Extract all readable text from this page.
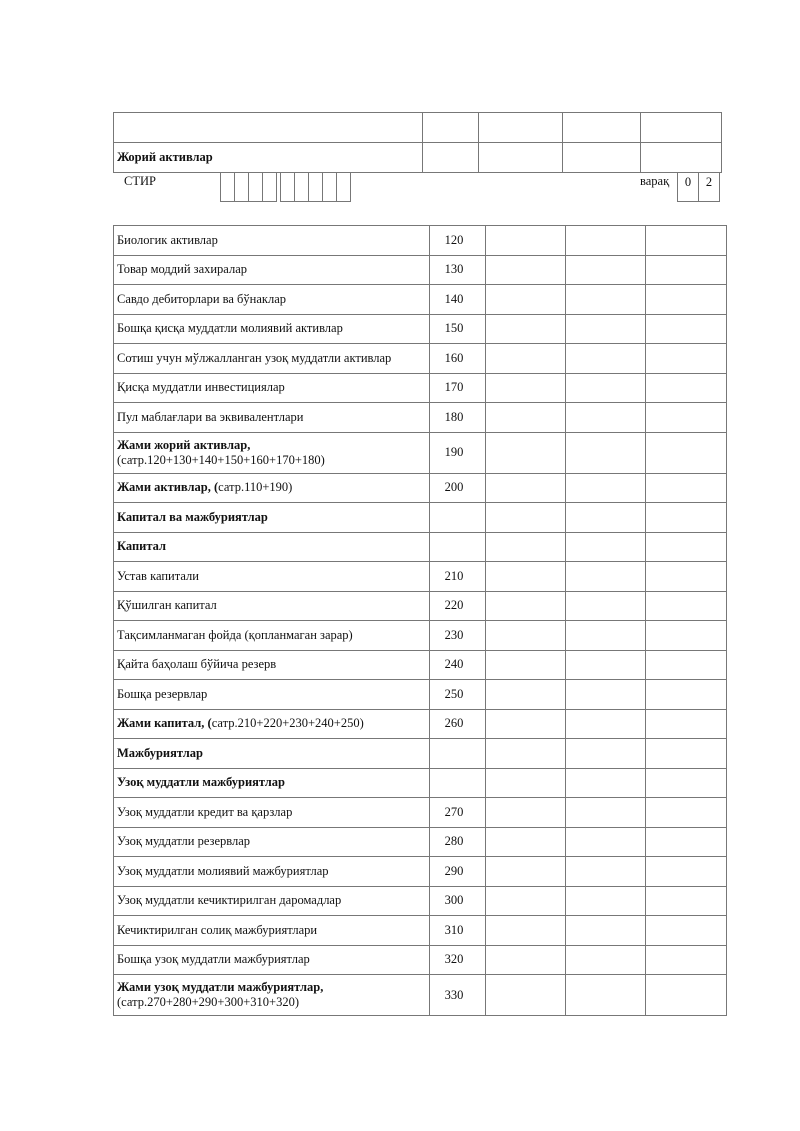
Жорий активлар				
СТИР	варақ	0	2
Биологик активлар	120			
Товар моддий захиралар	130			
Савдо дебиторлари ва бўнаклар	140			
Бошқа қисқа муддатли молиявий активлар	150			
Сотиш учун мўлжалланган узоқ муддатли активлар	160			
Қисқа муддатли инвестициялар	170			
Пул маблағлари ва эквивалентлари	180			
Жами жорий активлар,
(сатр.120+130+140+150+160+170+180)	190			
Жами активлар, (сатр.110+190)	200			
Капитал ва мажбуриятлар				
Капитал				
Устав капитали	210			
Қўшилган капитал	220			
Тақсимланмаган фойда (қопланмаган зарар)	230			
Қайта баҳолаш бўйича резерв	240			
Бошқа резервлар	250			
Жами капитал, (сатр.210+220+230+240+250)	260			
Мажбуриятлар				
Узоқ муддатли мажбуриятлар				
Узоқ муддатли кредит ва қарзлар	270			
Узоқ муддатли резервлар	280			
Узоқ муддатли молиявий мажбуриятлар	290			
Узоқ муддатли кечиктирилган даромадлар	300			
Кечиктирилган солиқ мажбуриятлари	310			
Бошқа узоқ муддатли мажбуриятлар	320			
Жами узоқ муддатли мажбуриятлар,
(сатр.270+280+290+300+310+320)	330			
